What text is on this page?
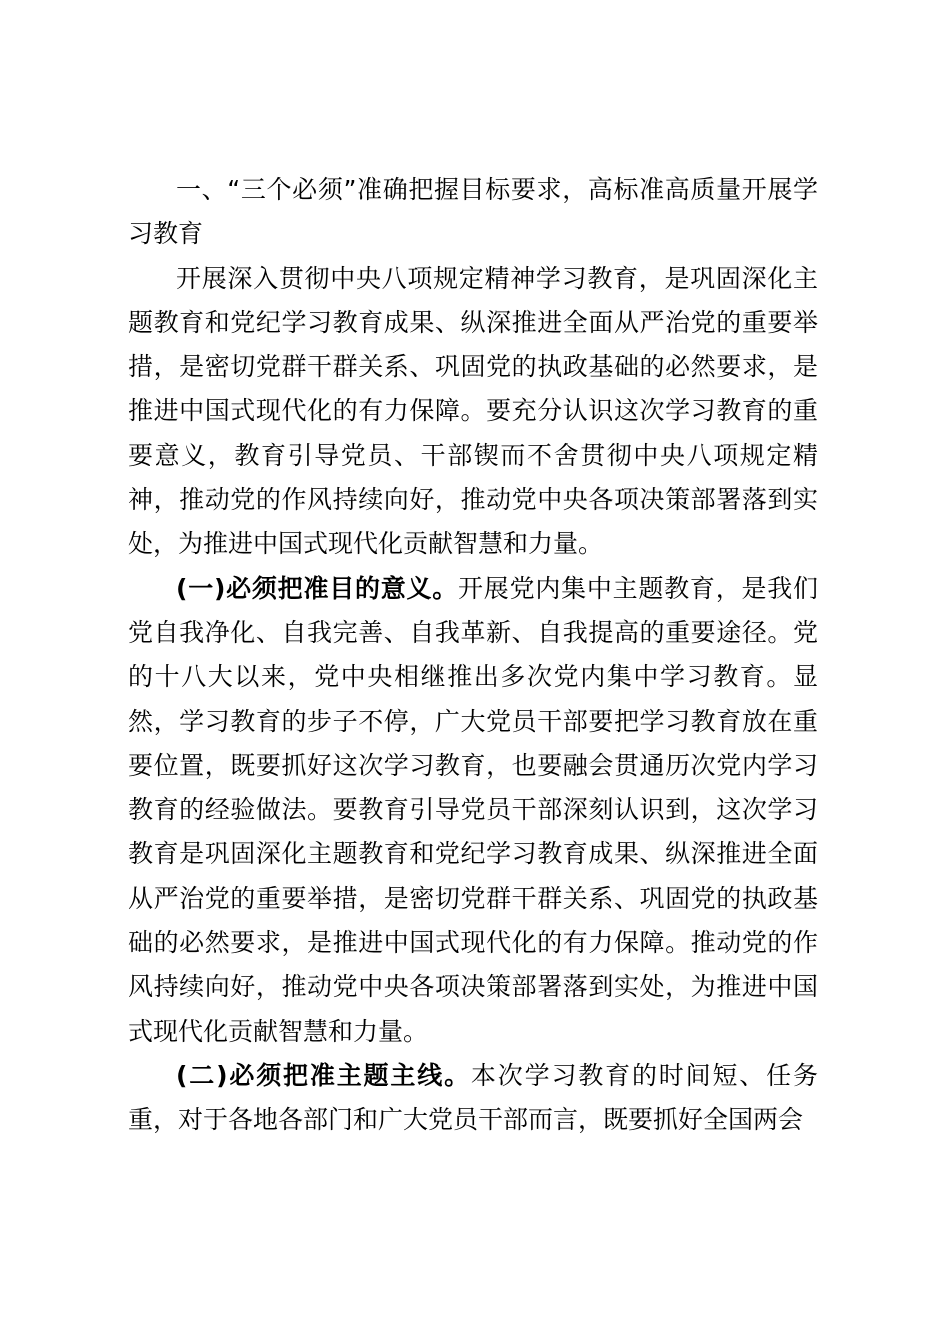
一、“三个必须”准确把握目标要求，高标准高质量开展学习教育

开展深入贯彻中央八项规定精神学习教育，是巩固深化主题教育和党纪学习教育成果、纵深推进全面从严治党的重要举措，是密切党群干群关系、巩固党的执政基础的必然要求，是推进中国式现代化的有力保障。要充分认识这次学习教育的重要意义，教育引导党员、干部锲而不舍贯彻中央八项规定精神，推动党的作风持续向好，推动党中央各项决策部署落到实处，为推进中国式现代化贡献智慧和力量。

(一)必须把准目的意义。开展党内集中主题教育，是我们党自我净化、自我完善、自我革新、自我提高的重要途径。党的十八大以来，党中央相继推出多次党内集中学习教育。显然，学习教育的步子不停，广大党员干部要把学习教育放在重要位置，既要抓好这次学习教育，也要融会贯通历次党内学习教育的经验做法。要教育引导党员干部深刻认识到，这次学习教育是巩固深化主题教育和党纪学习教育成果、纵深推进全面从严治党的重要举措，是密切党群干群关系、巩固党的执政基础的必然要求，是推进中国式现代化的有力保障。推动党的作风持续向好，推动党中央各项决策部署落到实处，为推进中国式现代化贡献智慧和力量。

(二)必须把准主题主线。本次学习教育的时间短、任务重，对于各地各部门和广大党员干部而言，既要抓好全国两会
